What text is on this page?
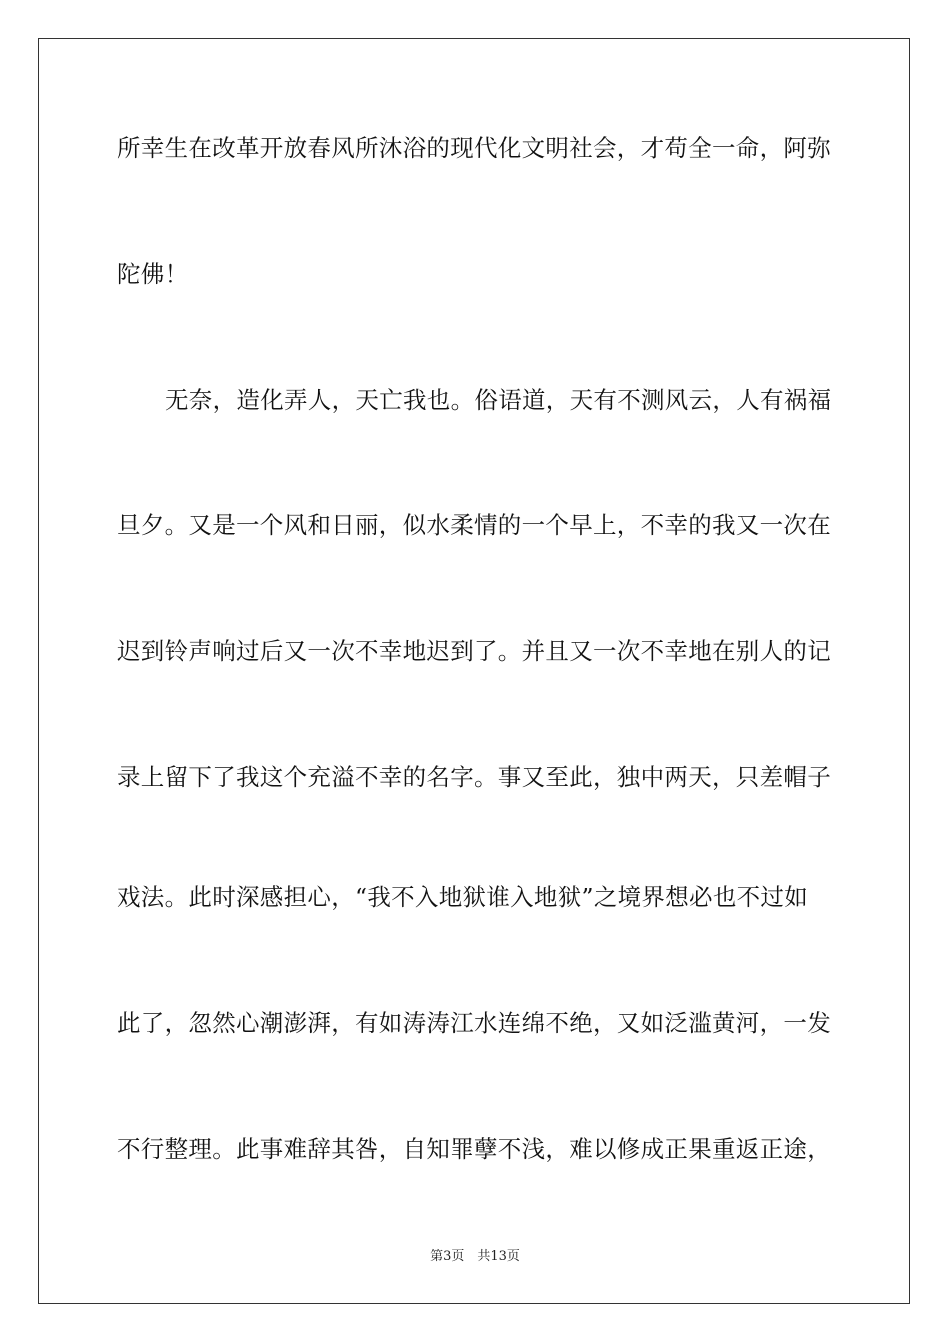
所幸生在改革开放春风所沐浴的现代化文明社会，才苟全一命，阿弥
陀佛！
无奈，造化弄人，天亡我也。俗语道，天有不测风云，人有祸福
旦夕。又是一个风和日丽，似水柔情的一个早上，不幸的我又一次在
迟到铃声响过后又一次不幸地迟到了。并且又一次不幸地在别人的记
录上留下了我这个充溢不幸的名字。事又至此，独中两天，只差帽子
戏法。此时深感担心，“我不入地狱谁入地狱”之境界想必也不过如
此了，忽然心潮澎湃，有如涛涛江水连绵不绝，又如泛滥黄河，一发
不行整理。此事难辞其咎，自知罪孽不浅，难以修成正果重返正途，
第3页　共13页
